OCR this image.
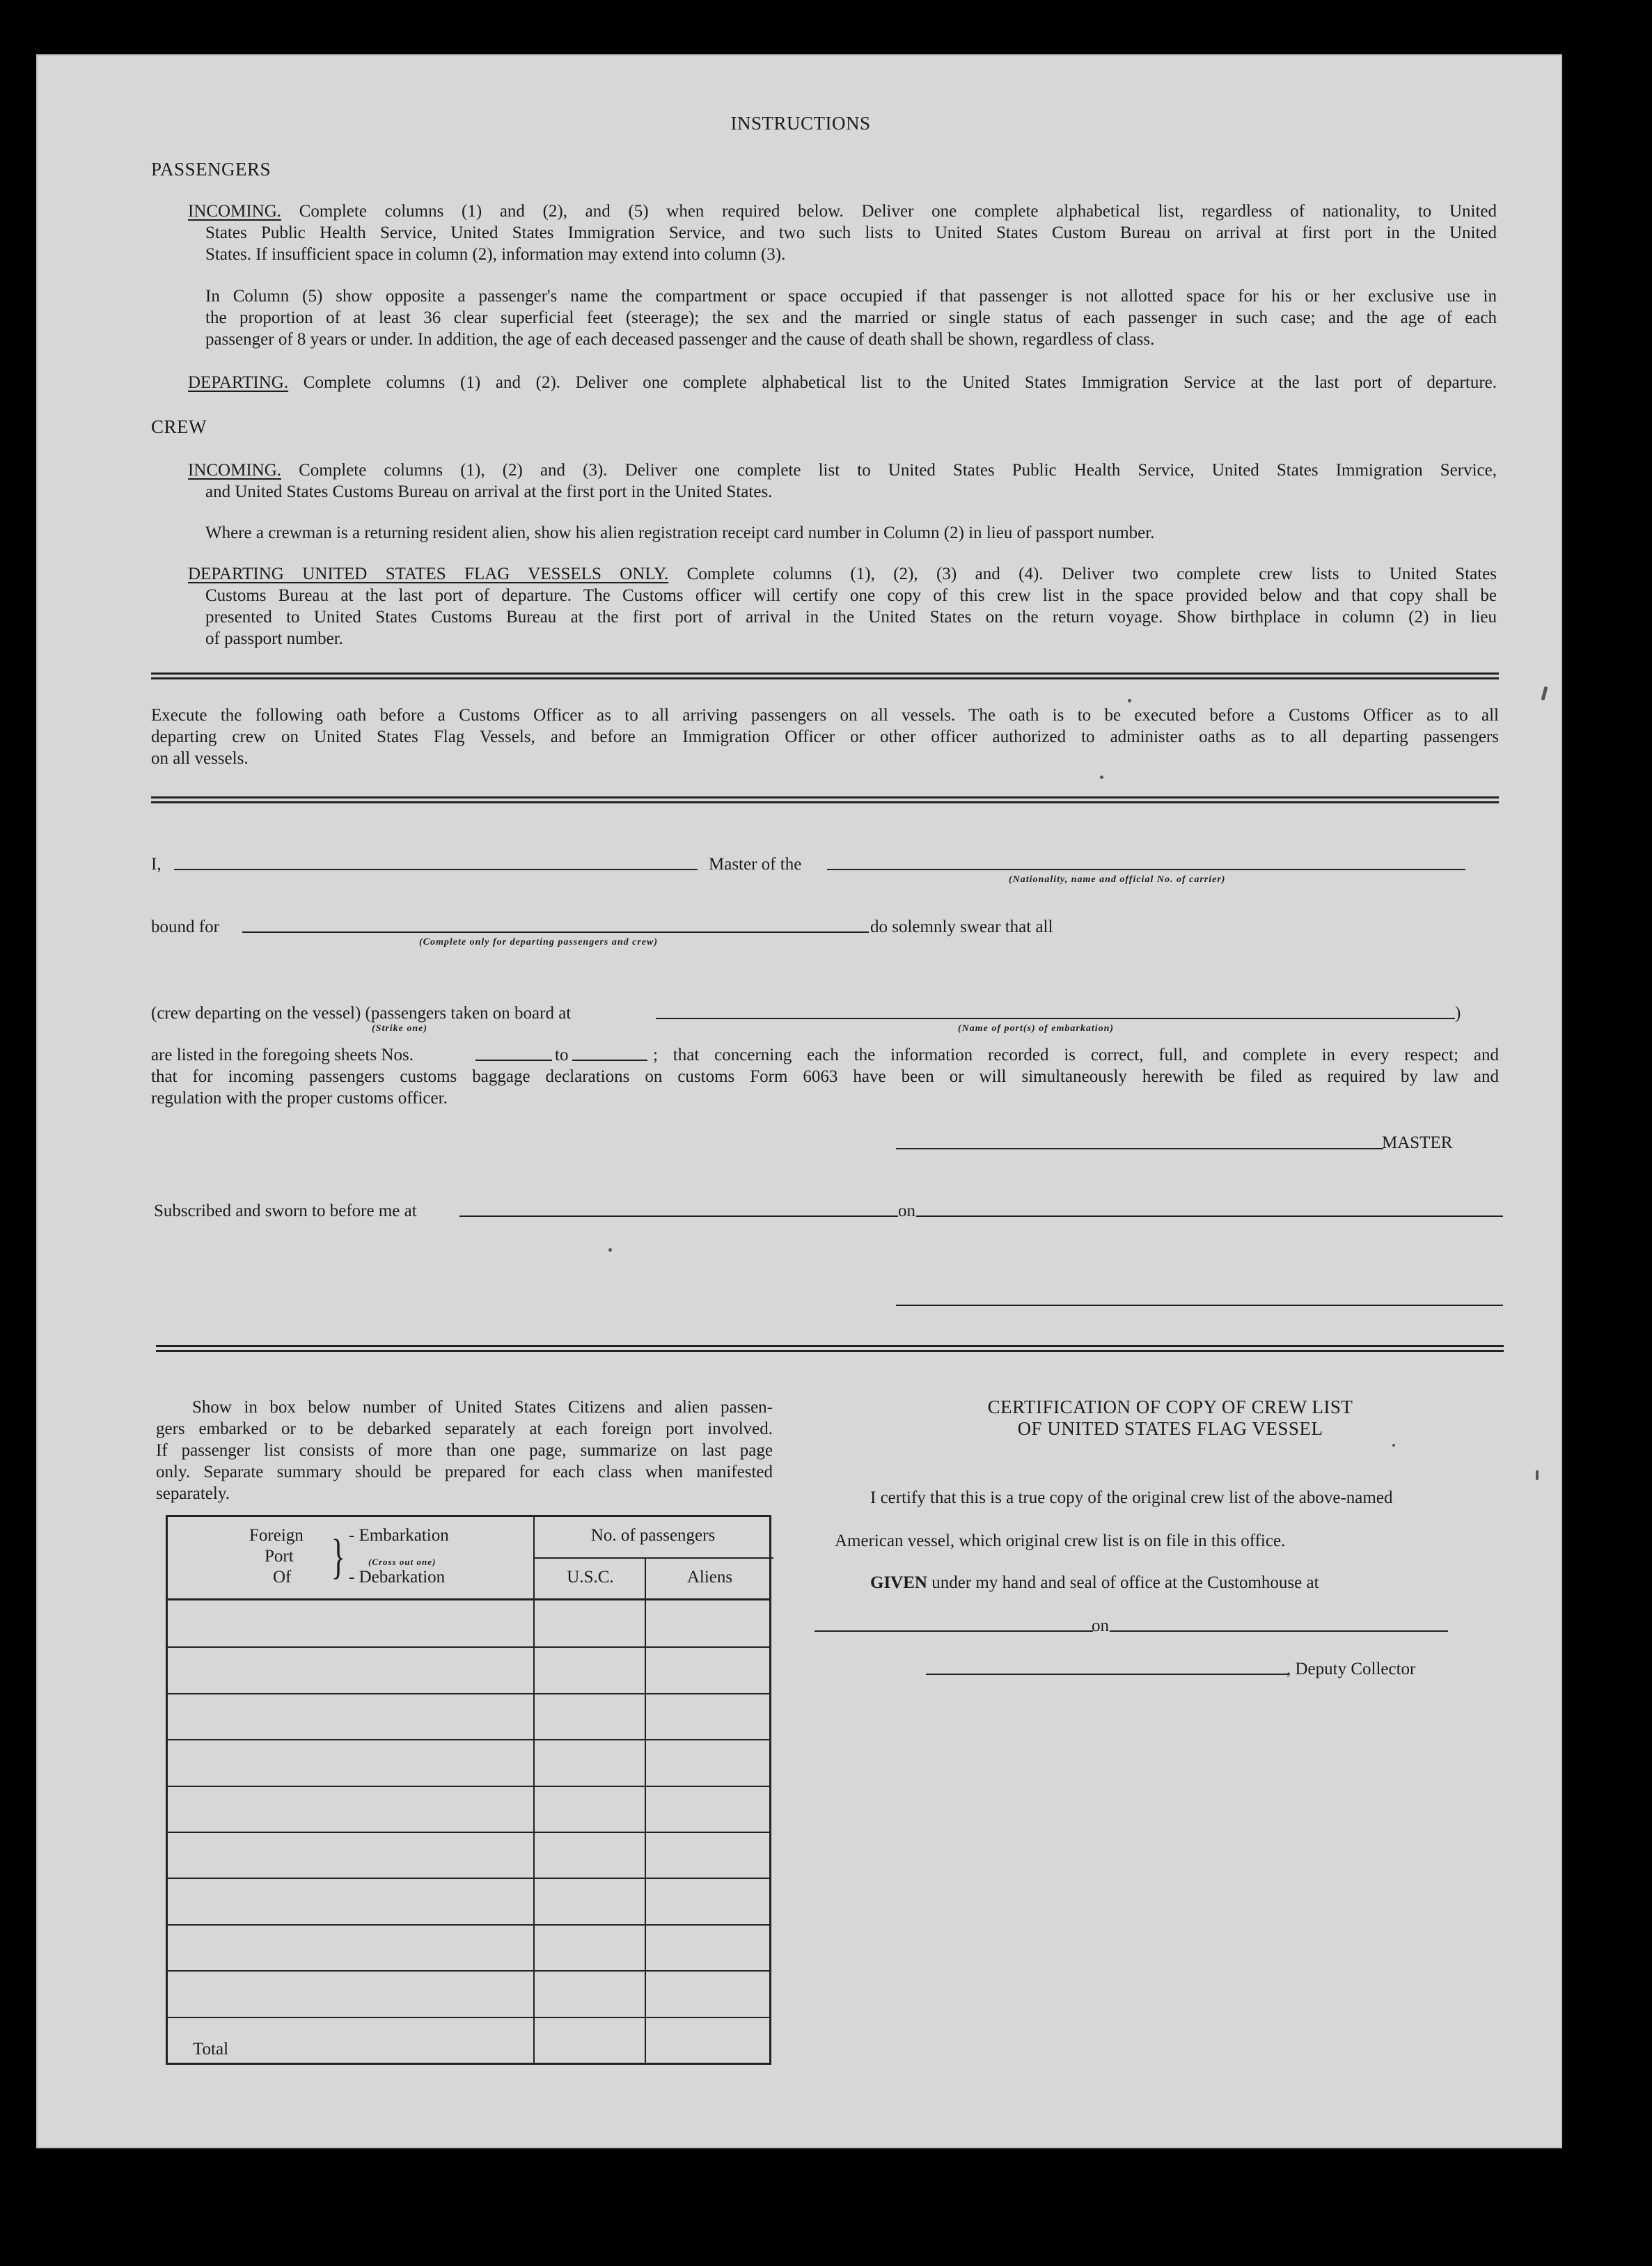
INSTRUCTIONS
PASSENGERS
INCOMING. Complete columns (1) and (2), and (5) when required below. Deliver one complete alphabetical list, regardless of nationality, to United
States Public Health Service, United States Immigration Service, and two such lists to United States Custom Bureau on arrival at first port in the United
States. If insufficient space in column (2), information may extend into column (3).
In Column (5) show opposite a passenger's name the compartment or space occupied if that passenger is not allotted space for his or her exclusive use in
the proportion of at least 36 clear superficial feet (steerage); the sex and the married or single status of each passenger in such case; and the age of each
passenger of 8 years or under. In addition, the age of each deceased passenger and the cause of death shall be shown, regardless of class.
DEPARTING. Complete columns (1) and (2). Deliver one complete alphabetical list to the United States Immigration Service at the last port of departure.
CREW
INCOMING. Complete columns (1), (2) and (3). Deliver one complete list to United States Public Health Service, United States Immigration Service,
and United States Customs Bureau on arrival at the first port in the United States.
Where a crewman is a returning resident alien, show his alien registration receipt card number in Column (2) in lieu of passport number.
DEPARTING UNITED STATES FLAG VESSELS ONLY. Complete columns (1), (2), (3) and (4). Deliver two complete crew lists to United States
Customs Bureau at the last port of departure. The Customs officer will certify one copy of this crew list in the space provided below and that copy shall be
presented to United States Customs Bureau at the first port of arrival in the United States on the return voyage. Show birthplace in column (2) in lieu
of passport number.
Execute the following oath before a Customs Officer as to all arriving passengers on all vessels. The oath is to be executed before a Customs Officer as to all
departing crew on United States Flag Vessels, and before an Immigration Officer or other officer authorized to administer oaths as to all departing passengers
on all vessels.
I,	Master of the
(Nationality, name and official No. of carrier)
bound for	do solemnly swear that all
(Complete only for departing passengers and crew)
(crew departing on the vessel) (passengers taken on board at	)
(Strike one)	(Name of port(s) of embarkation)
are listed in the foregoing sheets Nos.	to	; that concerning each the information recorded is correct, full, and complete in every respect; and
that for incoming passengers customs baggage declarations on customs Form 6063 have been or will simultaneously herewith be filed as required by law and
regulation with the proper customs officer.
MASTER
Subscribed and sworn to before me at	on
Show in box below number of United States Citizens and alien passen-
gers embarked or to be debarked separately at each foreign port involved.
If passenger list consists of more than one page, summarize on last page
only. Separate summary should be prepared for each class when manifested
separately.
Foreign
Port
Of } - Embarkation
(Cross out one)
- Debarkation
No. of passengers
U.S.C.	Aliens
Total
CERTIFICATION OF COPY OF CREW LIST
OF UNITED STATES FLAG VESSEL
I certify that this is a true copy of the original crew list of the above-named
American vessel, which original crew list is on file in this office.
GIVEN under my hand and seal of office at the Customhouse at
on
, Deputy Collector
